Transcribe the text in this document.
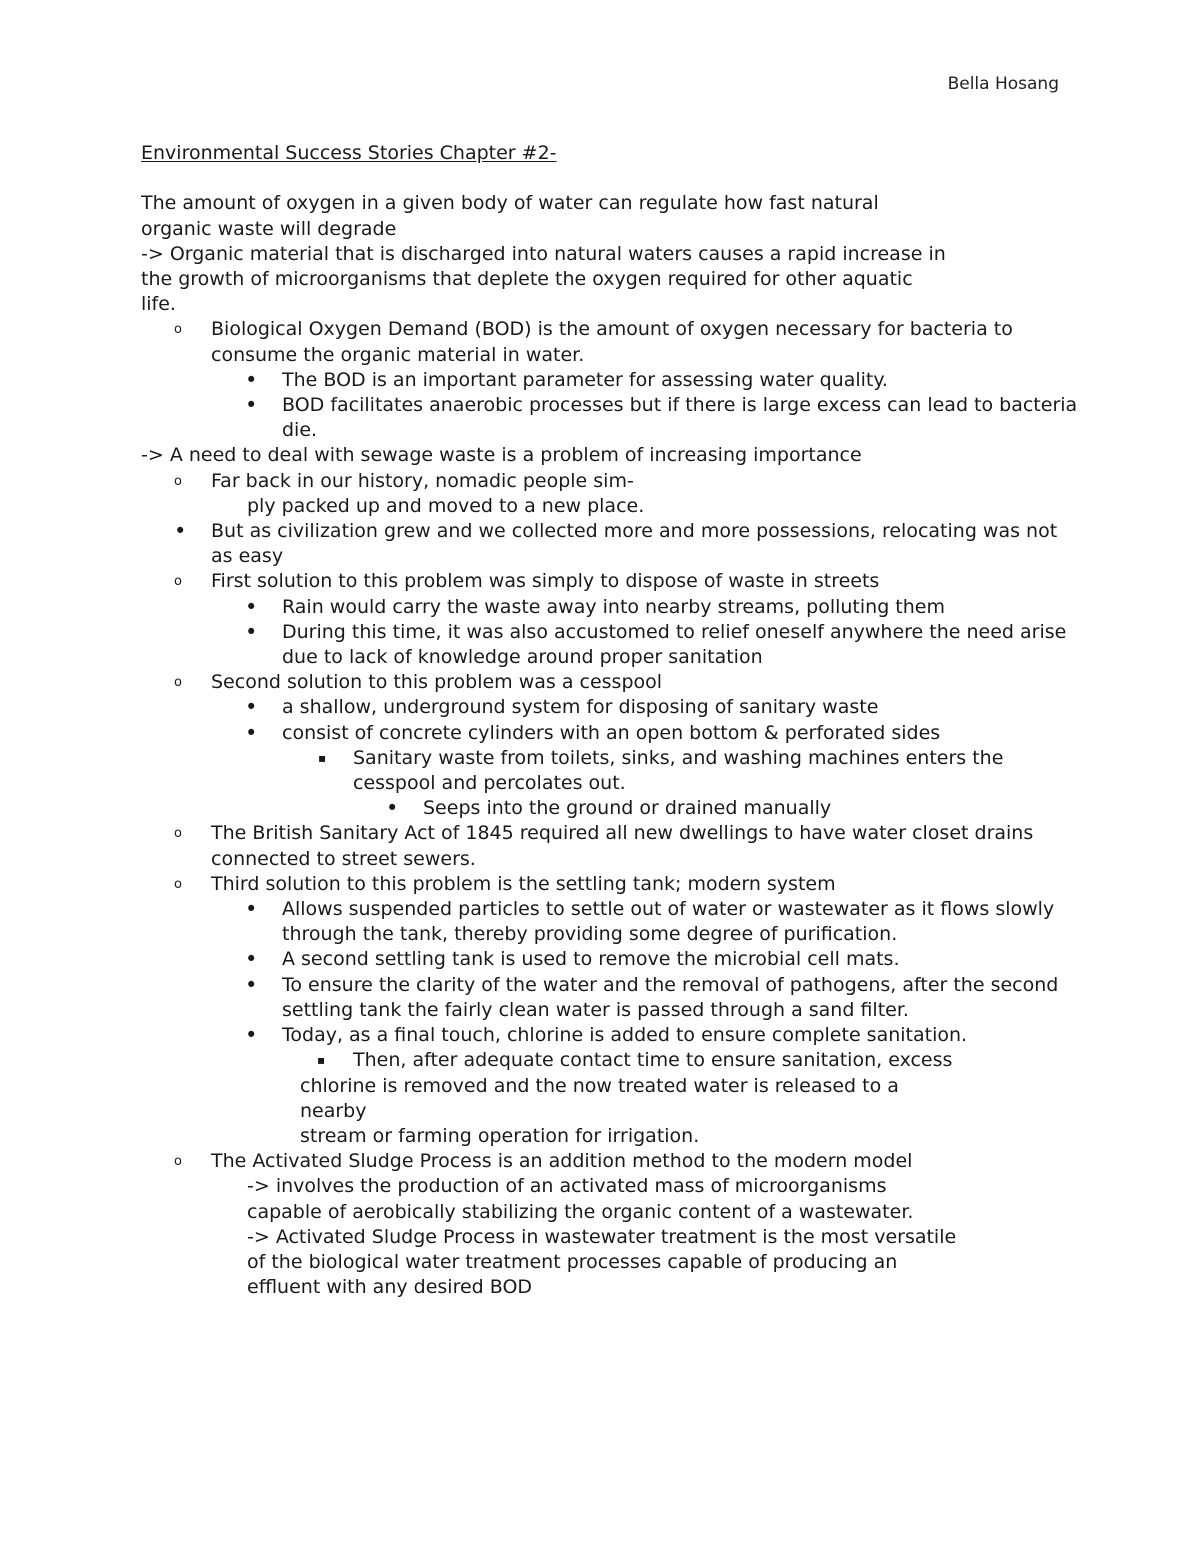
Bella Hosang
Environmental Success Stories Chapter #2-
The amount of oxygen in a given body of water can regulate how fast natural
organic waste will degrade
-> Organic material that is discharged into natural waters causes a rapid increase in
the growth of microorganisms that deplete the oxygen required for other aquatic
life.
o Biological Oxygen Demand (BOD) is the amount of oxygen necessary for bacteria to consume the organic material in water.
• The BOD is an important parameter for assessing water quality.
• BOD facilitates anaerobic processes but if there is large excess can lead to bacteria die.
-> A need to deal with sewage waste is a problem of increasing importance
o Far back in our history, nomadic people sim-
ply packed up and moved to a new place.
• But as civilization grew and we collected more and more possessions, relocating was not as easy
o First solution to this problem was simply to dispose of waste in streets
• Rain would carry the waste away into nearby streams, polluting them
• During this time, it was also accustomed to relief oneself anywhere the need arise due to lack of knowledge around proper sanitation
o Second solution to this problem was a cesspool
• a shallow, underground system for disposing of sanitary waste
• consist of concrete cylinders with an open bottom & perforated sides
▪ Sanitary waste from toilets, sinks, and washing machines enters the cesspool and percolates out.
• Seeps into the ground or drained manually
o The British Sanitary Act of 1845 required all new dwellings to have water closet drains connected to street sewers.
o Third solution to this problem is the settling tank; modern system
• Allows suspended particles to settle out of water or wastewater as it flows slowly through the tank, thereby providing some degree of purification.
• A second settling tank is used to remove the microbial cell mats.
• To ensure the clarity of the water and the removal of pathogens, after the second settling tank the fairly clean water is passed through a sand filter.
• Today, as a final touch, chlorine is added to ensure complete sanitation.
▪	Then, after adequate contact time to ensure sanitation, excess
chlorine is removed and the now treated water is released to a
nearby
stream or farming operation for irrigation.
o The Activated Sludge Process is an addition method to the modern model
-> involves the production of an activated mass of microorganisms
capable of aerobically stabilizing the organic content of a wastewater.
-> Activated Sludge Process in wastewater treatment is the most versatile
of the biological water treatment processes capable of producing an
effluent with any desired BOD
